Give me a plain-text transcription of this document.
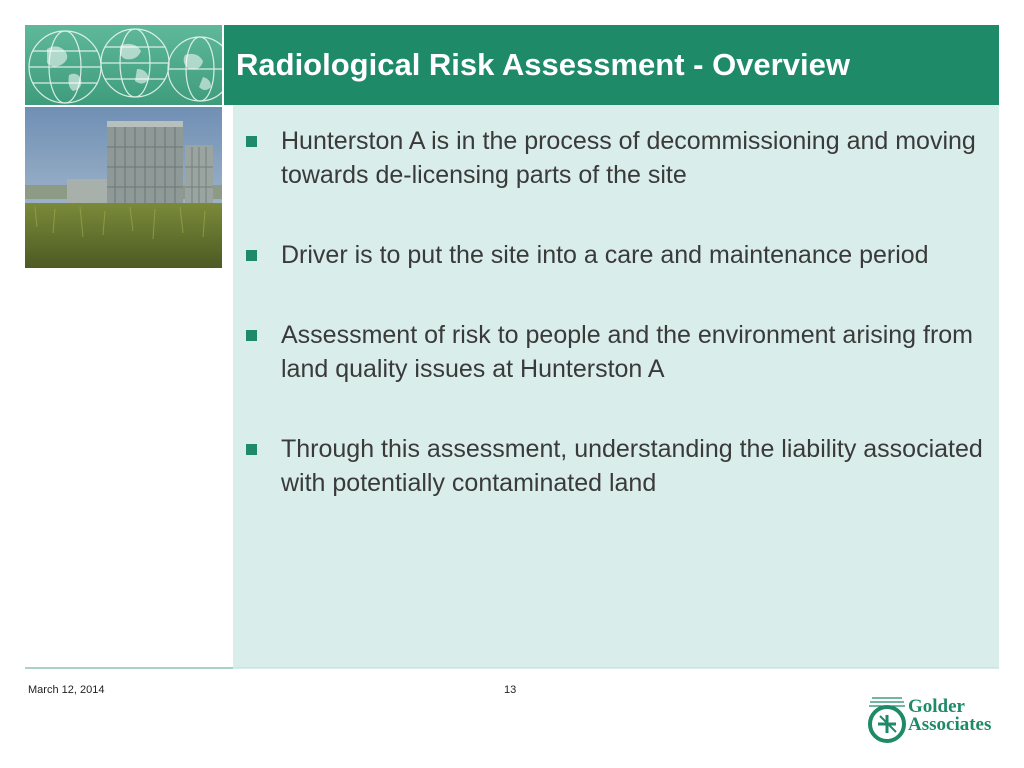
Radiological Risk Assessment - Overview
Hunterston A is in the process of decommissioning and moving towards de-licensing parts of the site
Driver is to put the site into a care and maintenance period
Assessment of risk to people and the environment arising from land quality issues at Hunterston A
Through this assessment, understanding the liability associated with potentially contaminated land
March 12, 2014	13
Golder
Associates
